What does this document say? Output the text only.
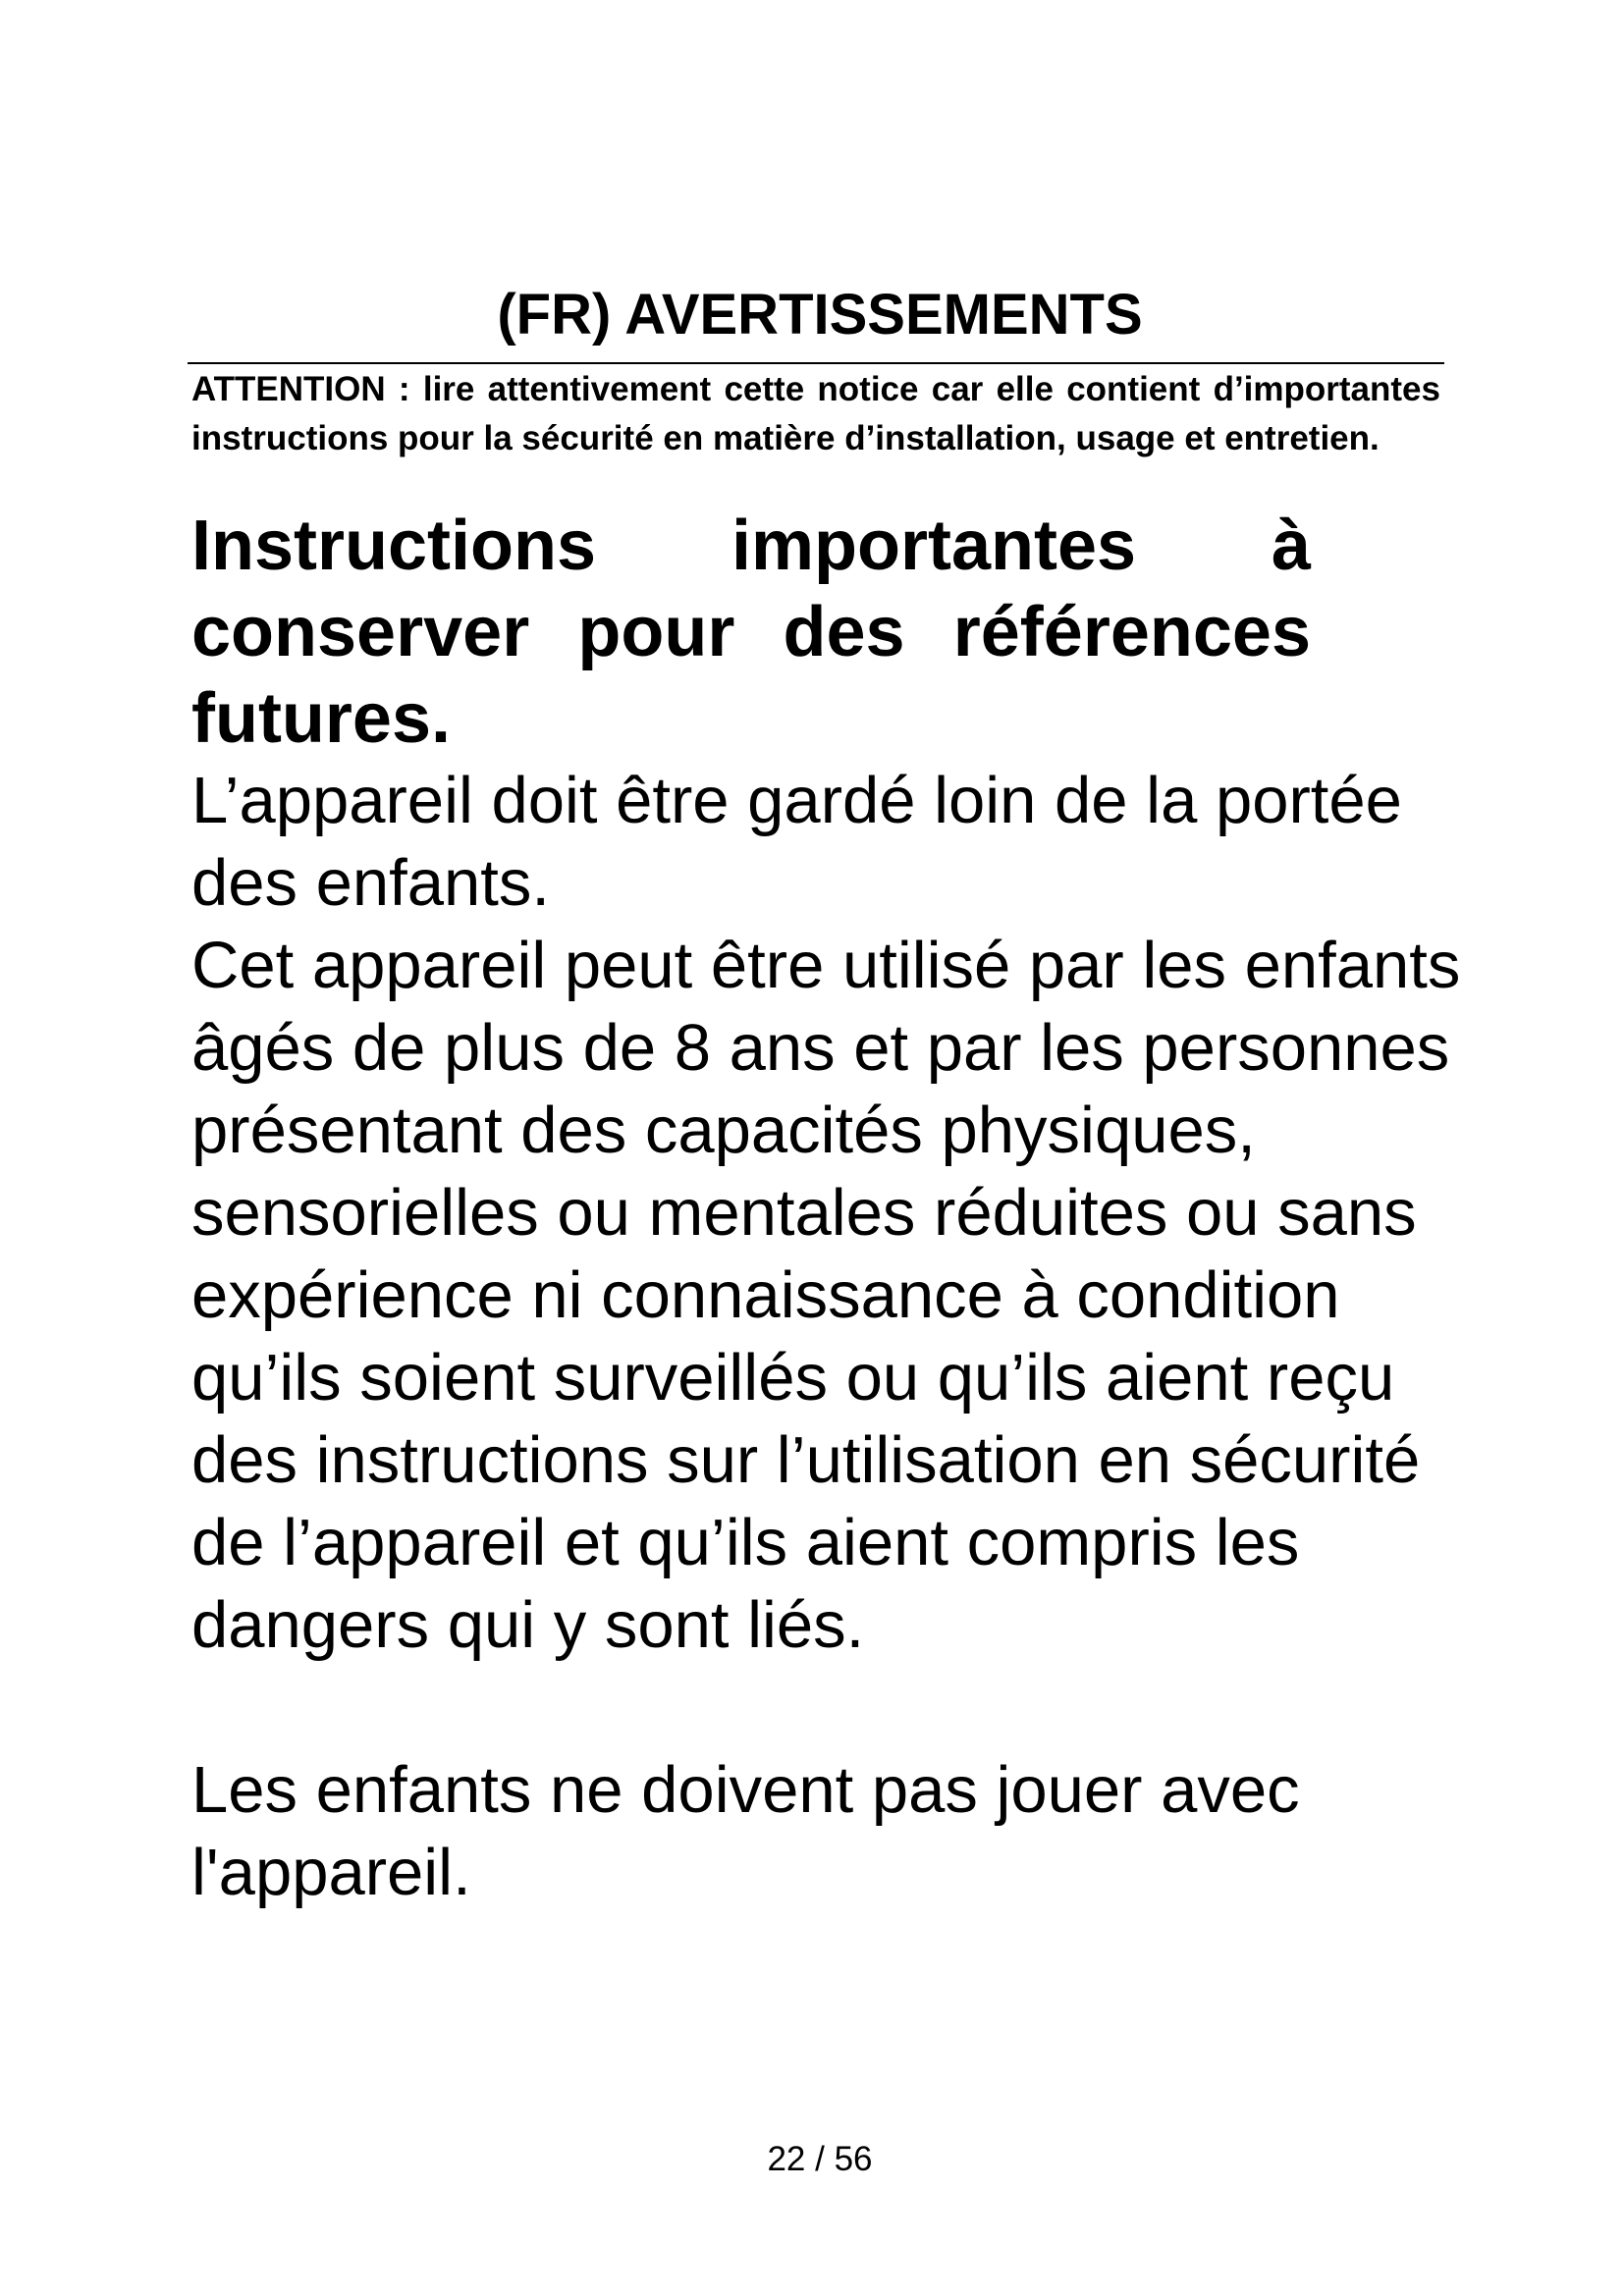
(FR) AVERTISSEMENTS

ATTENTION : lire attentivement cette notice car elle contient d’importantes instructions pour la sécurité en matière d’installation, usage et entretien.

Instructions importantes à conserver pour des références futures.

L’appareil doit être gardé loin de la portée des enfants.

Cet appareil peut être utilisé par les enfants âgés de plus de 8 ans et par les personnes présentant des capacités physiques, sensorielles ou mentales réduites ou sans expérience ni connaissance à condition qu’ils soient surveillés ou qu’ils aient reçu des instructions sur l’utilisation en sécurité de l’appareil et qu’ils aient compris les dangers qui y sont liés.

Les enfants ne doivent pas jouer avec l'appareil.

22 / 56
